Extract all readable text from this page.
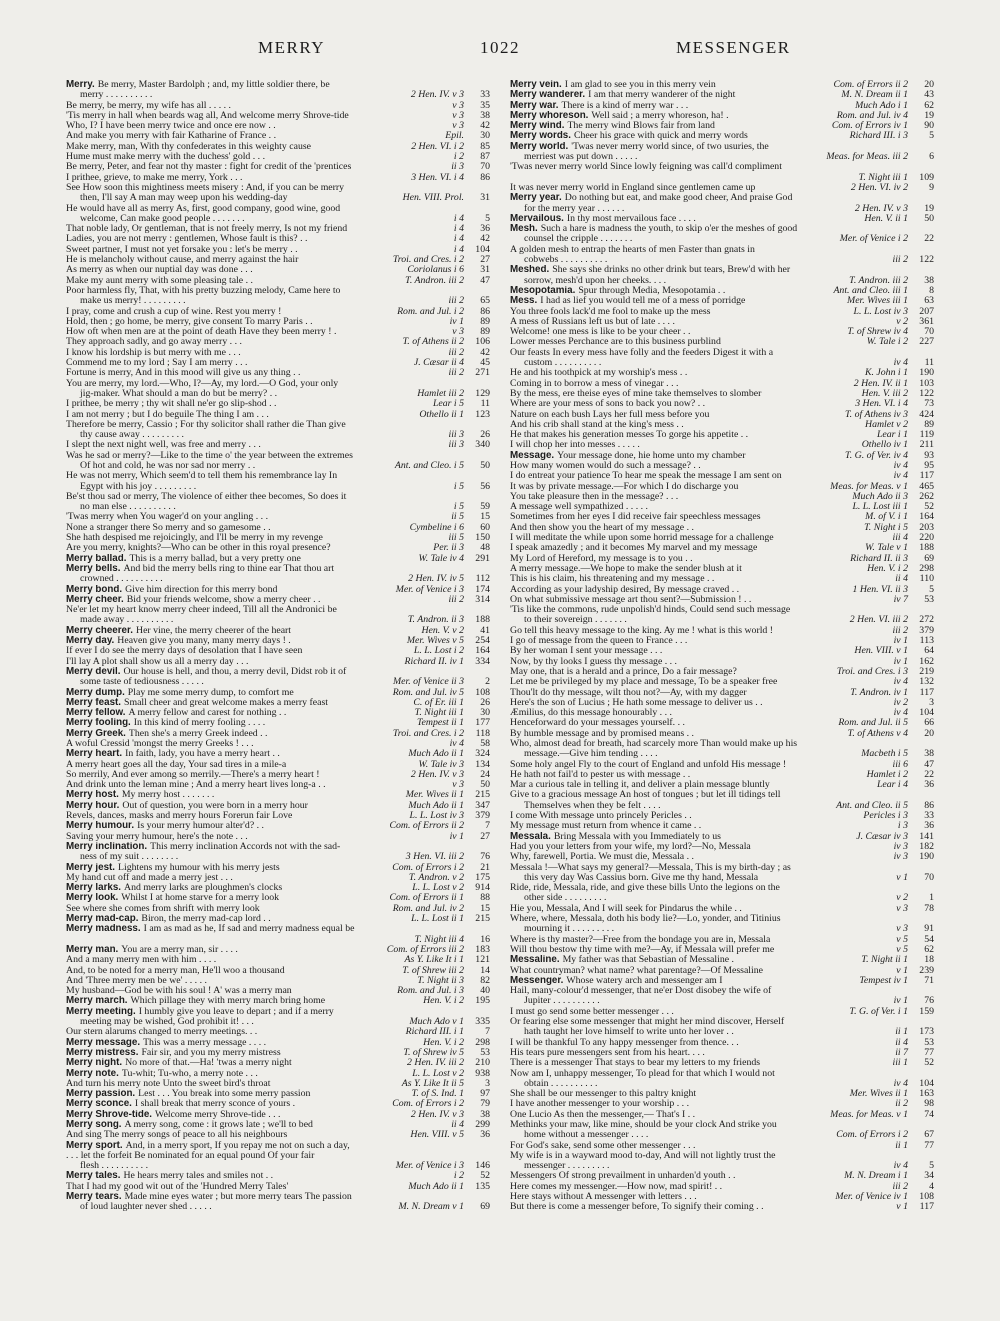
MERRY	1022	MESSENGER
Merry. Be merry, Master Bardolph ; and, my little soldier there, be
merry . . . . . . . . . .	2 Hen. IV. v 3	33
Be merry, be merry, my wife has all . . . . .	v 3	35
'Tis merry in hall when beards wag all, And welcome merry Shrove-tide	v 3	38
Who, I? I have been merry twice and once ere now . .	v 3	42
And make you merry with fair Katharine of France . .	Epil.	30
Make merry, man, With thy confederates in this weighty cause	2 Hen. VI. i 2	85
Hume must make merry with the duchess' gold . . .	i 2	87
Be merry, Peter, and fear not thy master : fight for credit of the 'prentices	ii 3	70
I prithee, grieve, to make me merry, York . . .	3 Hen. VI. i 4	86
See How soon this mightiness meets misery : And, if you can be merry
then, I'll say A man may weep upon his wedding-day	Hen. VIII. Prol.	31
He would have all as merry As, first, good company, good wine, good
welcome, Can make good people . . . . . . .	i 4	5
That noble lady, Or gentleman, that is not freely merry, Is not my friend	i 4	36
Ladies, you are not merry : gentlemen, Whose fault is this? . .	i 4	42
Sweet partner, I must not yet forsake you : let's be merry . .	i 4	104
He is melancholy without cause, and merry against the hair	Troi. and Cres. i 2	27
As merry as when our nuptial day was done . . .	Coriolanus i 6	31
Make my aunt merry with some pleasing tale . .	T. Andron. iii 2	47
Poor harmless fly, That, with his pretty buzzing melody, Came here to
make us merry! . . . . . . . . .	iii 2	65
I pray, come and crush a cup of wine. Rest you merry !	Rom. and Jul. i 2	86
Hold, then ; go home, be merry, give consent To marry Paris . .	iv 1	89
How oft when men are at the point of death Have they been merry ! .	v 3	89
They approach sadly, and go away merry . . .	T. of Athens ii 2	106
I know his lordship is but merry with me . . .	iii 2	42
Commend me to my lord ; Say I am merry . . .	J. Cæsar ii 4	45
Fortune is merry, And in this mood will give us any thing . .	iii 2	271
You are merry, my lord.—Who, I?—Ay, my lord.—O God, your only
jig-maker. What should a man do but be merry? . .	Hamlet iii 2	129
I prithee, be merry ; thy wit shall ne'er go slip-shod . .	Lear i 5	11
I am not merry ; but I do beguile The thing I am . . .	Othello ii 1	123
Therefore be merry, Cassio ; For thy solicitor shall rather die Than give
thy cause away . . . . . . . . .	iii 3	26
I slept the next night well, was free and merry . . .	iii 3	340
Was he sad or merry?—Like to the time o' the year between the extremes
Of hot and cold, he was nor sad nor merry . .	Ant. and Cleo. i 5	50
He was not merry, Which seem'd to tell them his remembrance lay In
Egypt with his joy . . . . . . . . .	i 5	56
Be'st thou sad or merry, The violence of either thee becomes, So does it
no man else . . . . . . . . . .	i 5	59
'Twas merry when You wager'd on your angling . . .	ii 5	15
None a stranger there So merry and so gamesome . .	Cymbeline i 6	60
She hath despised me rejoicingly, and I'll be merry in my revenge	iii 5	150
Are you merry, knights?—Who can be other in this royal presence?	Per. ii 3	48
Merry ballad. This is a merry ballad, but a very pretty one	W. Tale iv 4	291
Merry bells. And bid the merry bells ring to thine ear That thou art
crowned . . . . . . . . . .	2 Hen. IV. iv 5	112
Merry bond. Give him direction for this merry bond	Mer. of Venice i 3	174
Merry cheer. Bid your friends welcome, show a merry cheer . .	iii 2	314
Ne'er let my heart know merry cheer indeed, Till all the Andronici be
made away . . . . . . . . . .	T. Andron. ii 3	188
Merry cheerer. Her vine, the merry cheerer of the heart	Hen. V. v 2	41
Merry day. Heaven give you many, many merry days ! .	Mer. Wives v 5	254
If ever I do see the merry days of desolation that I have seen	L. L. Lost i 2	164
I'll lay A plot shall show us all a merry day . . .	Richard II. iv 1	334
Merry devil. Our house is hell, and thou, a merry devil, Didst rob it of
some taste of tediousness . . . . .	Mer. of Venice ii 3	2
Merry dump. Play me some merry dump, to comfort me	Rom. and Jul. iv 5	108
Merry feast. Small cheer and great welcome makes a merry feast	C. of Er. iii 1	26
Merry fellow. A merry fellow and carest for nothing . .	T. Night iii 1	30
Merry fooling. In this kind of merry fooling . . . .	Tempest ii 1	177
Merry Greek. Then she's a merry Greek indeed . .	Troi. and Cres. i 2	118
A woful Cressid 'mongst the merry Greeks ! . . .	iv 4	58
Merry heart. In faith, lady, you have a merry heart . .	Much Ado ii 1	324
A merry heart goes all the day, Your sad tires in a mile-a	W. Tale iv 3	134
So merrily, And ever among so merrily.—There's a merry heart !	2 Hen. IV. v 3	24
And drink unto the leman mine ; And a merry heart lives long-a . .	v 3	50
Merry host. My merry host . . . . . . .	Mer. Wives ii 1	215
Merry hour. Out of question, you were born in a merry hour	Much Ado ii 1	347
Revels, dances, masks and merry hours Forerun fair Love	L. L. Lost iv 3	379
Merry humour. Is your merry humour alter'd? . .	Com. of Errors ii 2	7
Saving your merry humour, here's the note . . .	iv 1	27
Merry inclination. This merry inclination Accords not with the sad-
ness of my suit . . . . . . . .	3 Hen. VI. iii 2	76
Merry jest. Lightens my humour with his merry jests	Com. of Errors i 2	21
My hand cut off and made a merry jest . . .	T. Andron. v 2	175
Merry larks. And merry larks are ploughmen's clocks	L. L. Lost v 2	914
Merry look. Whilst I at home starve for a merry look	Com. of Errors ii 1	88
See where she comes from shrift with merry look	Rom. and Jul. iv 2	15
Merry mad-cap. Biron, the merry mad-cap lord . .	L. L. Lost ii 1	215
Merry madness. I am as mad as he, If sad and merry madness equal be
T. Night iii 4	16
Merry man. You are a merry man, sir . . . .	Com. of Errors iii 2	183
And a many merry men with him . . . .	As Y. Like It i 1	121
And, to be noted for a merry man, He'll woo a thousand	T. of Shrew iii 2	14
And 'Three merry men be we' . . . . .	T. Night ii 3	82
My husband—God be with his soul ! A' was a merry man	Rom. and Jul. i 3	40
Merry march. Which pillage they with merry march bring home	Hen. V. i 2	195
Merry meeting. I humbly give you leave to depart ; and if a merry
meeting may be wished, God prohibit it! . . .	Much Ado v 1	335
Our stern alarums changed to merry meetings. . .	Richard III. i 1	7
Merry message. This was a merry message . . . .	Hen. V. i 2	298
Merry mistress. Fair sir, and you my merry mistress	T. of Shrew iv 5	53
Merry night. No more of that.—Ha! 'twas a merry night	2 Hen. IV. iii 2	210
Merry note. Tu-whit; Tu-who, a merry note . . .	L. L. Lost v 2	938
And turn his merry note Unto the sweet bird's throat	As Y. Like It ii 5	3
Merry passion. Lest . . . You break into some merry passion	T. of S. Ind. 1	97
Merry sconce. I shall break that merry sconce of yours .	Com. of Errors i 2	79
Merry Shrove-tide. Welcome merry Shrove-tide . . .	2 Hen. IV. v 3	38
Merry song. A merry song, come : it grows late ; we'll to bed	ii 4	299
And sing The merry songs of peace to all his neighbours	Hen. VIII. v 5	36
Merry sport. And, in a merry sport, If you repay me not on such a day,
. . . let the forfeit Be nominated for an equal pound Of your fair
flesh . . . . . . . . . .	Mer. of Venice i 3	146
Merry tales. He hears merry tales and smiles not . .	i 2	52
That I had my good wit out of the 'Hundred Merry Tales'	Much Ado ii 1	135
Merry tears. Made mine eyes water ; but more merry tears The passion
of loud laughter never shed . . . . .	M. N. Dream v 1	69
Merry vein. I am glad to see you in this merry vein	Com. of Errors ii 2	20
Merry wanderer. I am that merry wanderer of the night	M. N. Dream ii 1	43
Merry war. There is a kind of merry war . . .	Much Ado i 1	62
Merry whoreson. Well said ; a merry whoreson, ha! .	Rom. and Jul. iv 4	19
Merry wind. The merry wind Blows fair from land	Com. of Errors iv 1	90
Merry words. Cheer his grace with quick and merry words	Richard III. i 3	5
Merry world. 'Twas never merry world since, of two usuries, the
merriest was put down . . . . .	Meas. for Meas. iii 2	6
'Twas never merry world Since lowly feigning was call'd compliment
T. Night iii 1	109
It was never merry world in England since gentlemen came up	2 Hen. VI. iv 2	9
Merry year. Do nothing but eat, and make good cheer, And praise God
for the merry year . . . . . .	2 Hen. IV. v 3	19
Mervailous. In thy most mervailous face . . . .	Hen. V. ii 1	50
Mesh. Such a hare is madness the youth, to skip o'er the meshes of good
counsel the cripple . . . . . . .	Mer. of Venice i 2	22
A golden mesh to entrap the hearts of men Faster than gnats in
cobwebs . . . . . . . . . .	iii 2	122
Meshed. She says she drinks no other drink but tears, Brew'd with her
sorrow, mesh'd upon her cheeks. . . .	T. Andron. iii 2	38
Mesopotamia. Spur through Media, Mesopotamia . .	Ant. and Cleo. iii 1	8
Mess. I had as lief you would tell me of a mess of porridge	Mer. Wives iii 1	63
You three fools lack'd me fool to make up the mess	L. L. Lost iv 3	207
A mess of Russians left us but of late . . . .	v 2	361
Welcome! one mess is like to be your cheer . .	T. of Shrew iv 4	70
Lower messes Perchance are to this business purblind	W. Tale i 2	227
Our feasts In every mess have folly and the feeders Digest it with a
custom . . . . . . . . . .	iv 4	11
He and his toothpick at my worship's mess . .	K. John i 1	190
Coming in to borrow a mess of vinegar . . .	2 Hen. IV. ii 1	103
By the mess, ere theise eyes of mine take themselves to slomber	Hen. V. iii 2	122
Where are your mess of sons to back you now? . .	3 Hen. VI. i 4	73
Nature on each bush Lays her full mess before you	T. of Athens iv 3	424
And his crib shall stand at the king's mess . .	Hamlet v 2	89
He that makes his generation messes To gorge his appetite . .	Lear i 1	119
I will chop her into messes . . . . .	Othello iv 1	211
Message. Your message done, hie home unto my chamber	T. G. of Ver. iv 4	93
How many women would do such a message? . .	iv 4	95
I do entreat your patience To hear me speak the message I am sent on	iv 4	117
It was by private message.—For which I do discharge you	Meas. for Meas. v 1	465
You take pleasure then in the message? . . .	Much Ado ii 3	262
A message well sympathized . . . . .	L. L. Lost iii 1	52
Sometimes from her eyes I did receive fair speechless messages	M. of V. i 1	164
And then show you the heart of my message . .	T. Night i 5	203
I will meditate the while upon some horrid message for a challenge	iii 4	220
I speak amazedly ; and it becomes My marvel and my message	W. Tale v 1	188
My Lord of Hereford, my message is to you . .	Richard II. ii 3	69
A merry message.—We hope to make the sender blush at it	Hen. V. i 2	298
This is his claim, his threatening and my message . .	ii 4	110
According as your ladyship desired, By message craved . .	1 Hen. VI. ii 3	5
On what submissive message art thou sent?—Submission ! . .	iv 7	53
'Tis like the commons, rude unpolish'd hinds, Could send such message
to their sovereign . . . . . . .	2 Hen. VI. iii 2	272
Go tell this heavy message to the king. Ay me ! what is this world !	iii 2	379
I go of message from the queen to France . . .	iv 1	113
By her woman I sent your message . . .	Hen. VIII. v 1	64
Now, by thy looks I guess thy message . . .	iv 1	162
May one, that is a herald and a prince, Do a fair message?	Troi. and Cres. i 3	219
Let me be privileged by my place and message, To be a speaker free	iv 4	132
Thou'lt do thy message, wilt thou not?—Ay, with my dagger	T. Andron. iv 1	117
Here's the son of Lucius ; He hath some message to deliver us . .	iv 2	3
Æmilius, do this message honourably . . .	iv 4	104
Henceforward do your messages yourself. . .	Rom. and Jul. ii 5	66
By humble message and by promised means . .	T. of Athens v 4	20
Who, almost dead for breath, had scarcely more Than would make up his
message.—Give him tending . . . .	Macbeth i 5	38
Some holy angel Fly to the court of England and unfold His message !	iii 6	47
He hath not fail'd to pester us with message . .	Hamlet i 2	22
Mar a curious tale in telling it, and deliver a plain message bluntly	Lear i 4	36
Give to a gracious message An host of tongues ; but let ill tidings tell
Themselves when they be felt . . . .	Ant. and Cleo. ii 5	86
I come With message unto princely Pericles . .	Pericles i 3	33
My message must return from whence it came . .	i 3	36
Messala. Bring Messala with you Immediately to us	J. Cæsar iv 3	141
Had you your letters from your wife, my lord?—No, Messala	iv 3	182
Why, farewell, Portia. We must die, Messala . .	iv 3	190
Messala !—What says my general?—Messala, This is my birth-day ; as
this very day Was Cassius born. Give me thy hand, Messala	v 1	70
Ride, ride, Messala, ride, and give these bills Unto the legions on the
other side . . . . . . . . .	v 2	1
Hie you, Messala, And I will seek for Pindarus the while . .	v 3	78
Where, where, Messala, doth his body lie?—Lo, yonder, and Titinius
mourning it . . . . . . . . .	v 3	91
Where is thy master?—Free from the bondage you are in, Messala	v 5	54
Will thou bestow thy time with me?—Ay, if Messala will prefer me	v 5	62
Messaline. My father was that Sebastian of Messaline .	T. Night ii 1	18
What countryman? what name? what parentage?—Of Messaline	v 1	239
Messenger. Whose watery arch and messenger am I	Tempest iv 1	71
Hail, many-colour'd messenger, that ne'er Dost disobey the wife of
Jupiter . . . . . . . . . .	iv 1	76
I must go send some better messenger . . .	T. G. of Ver. i 1	159
Or fearing else some messenger that might her mind discover, Herself
hath taught her love himself to write unto her lover . .	ii 1	173
I will be thankful To any happy messenger from thence. . .	ii 4	53
His tears pure messengers sent from his heart. . . .	ii 7	77
There is a messenger That stays to bear my letters to my friends	iii 1	52
Now am I, unhappy messenger, To plead for that which I would not
obtain . . . . . . . . . .	iv 4	104
She shall be our messenger to this paltry knight	Mer. Wives ii 1	163
I have another messenger to your worship . . .	ii 2	98
One Lucio As then the messenger,— That's I . .	Meas. for Meas. v 1	74
Methinks your maw, like mine, should be your clock And strike you
home without a messenger . . . .	Com. of Errors i 2	67
For God's sake, send some other messenger . . .	ii 1	77
My wife is in a wayward mood to-day, And will not lightly trust the
messenger . . . . . . . . .	iv 4	5
Messengers Of strong prevailment in unharden'd youth . .	M. N. Dream i 1	34
Here comes my messenger.—How now, mad spirit! . .	iii 2	4
Here stays without A messenger with letters . . .	Mer. of Venice iv 1	108
But there is come a messenger before, To signify their coming . .	v 1	117
